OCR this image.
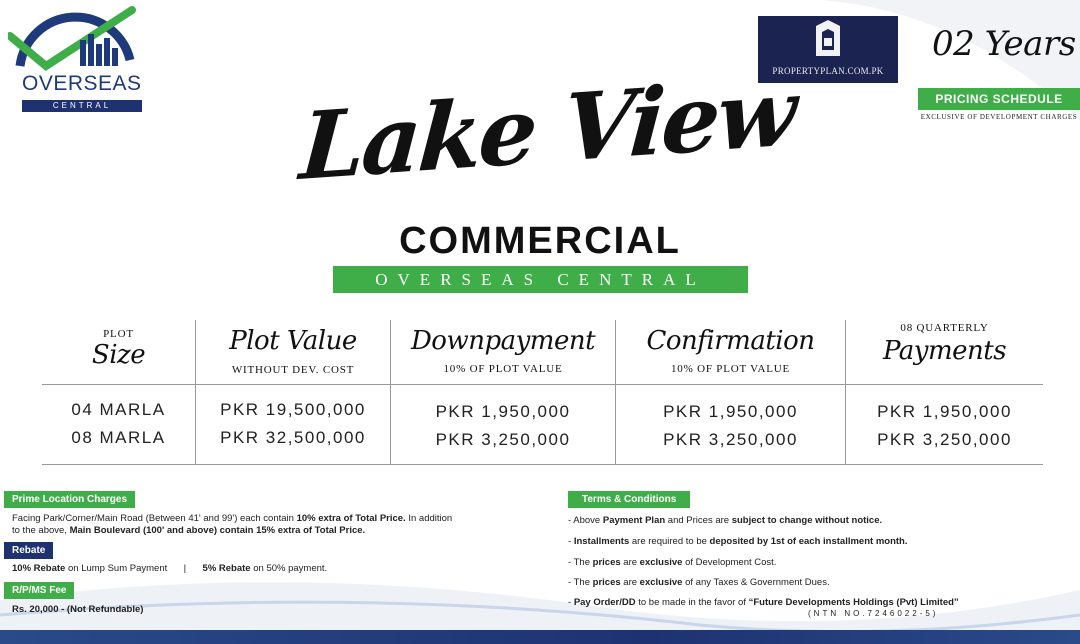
OVERSEAS
CENTRAL
PROPERTYPLAN.COM.PK
02 Years
PRICING SCHEDULE
EXCLUSIVE OF DEVELOPMENT CHARGES
Lake View
COMMERCIAL
OVERSEAS CENTRAL
PLOT
Size
04 MARLA
08 MARLA
Plot Value
WITHOUT DEV. COST
PKR 19,500,000
PKR 32,500,000
Downpayment
10% OF PLOT VALUE
PKR 1,950,000
PKR 3,250,000
Confirmation
10% OF PLOT VALUE
PKR 1,950,000
PKR 3,250,000
08 QUARTERLY
Payments
PKR 1,950,000
PKR 3,250,000
Prime Location Charges
Facing Park/Corner/Main Road (Between 41' and 99') each contain 10% extra of Total Price. In addition
to the above, Main Boulevard (100' and above) contain 15% extra of Total Price.
Rebate
10% Rebate on Lump Sum Payment | 5% Rebate on 50% payment.
R/P/MS Fee
Rs. 20,000 - (Not Refundable)
Terms & Conditions
- Above Payment Plan and Prices are subject to change without notice.
- Installments are required to be deposited by 1st of each installment month.
- The prices are exclusive of Development Cost.
- The prices are exclusive of any Taxes & Government Dues.
- Pay Order/DD to be made in the favor of “Future Developments Holdings (Pvt) Limited”
(NTN NO.7246022-5)
